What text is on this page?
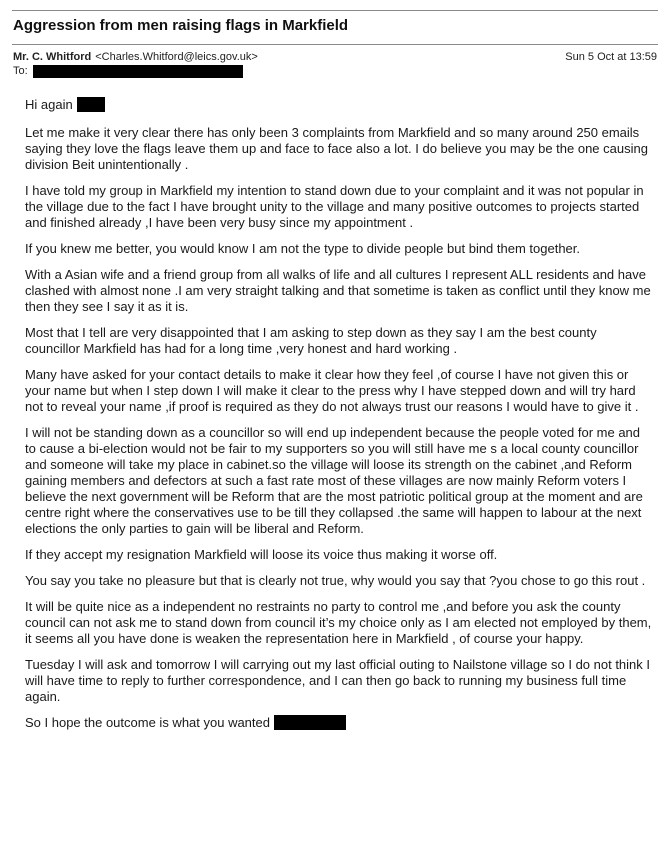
Aggression from men raising flags in Markfield
Mr. C. Whitford <Charles.Whitford@leics.gov.uk>	Sun 5 Oct at 13:59
To:

Hi again

Let me make it very clear there has only been 3 complaints from Markfield and so many around 250 emails saying they love the flags leave them up and face to face also a lot. I do believe you may be the one causing division Beit unintentionally .

I have told my group in Markfield my intention to stand down due to your complaint and it was not popular in the village due to the fact I have brought unity to the village and many positive outcomes to projects started and finished already ,I have been very busy since my appointment .

If you knew me better, you would know I am not the type to divide people but bind them together.

With a Asian wife and a friend group from all walks of life and all cultures I represent ALL residents and have clashed with almost none .I am very straight talking and that sometime is taken as conflict until they know me then they see I say it as it is.

Most that I tell are very disappointed that I am asking to step down as they say I am the best county councillor Markfield has had for a long time ,very honest and hard working .

Many have asked for your contact details to make it clear how they feel ,of course I have not given this or your name but when I step down I will make it clear to the press why I have stepped down and will try hard not to reveal your name ,if proof is required as they do not always trust our reasons I would have to give it .

I will not be standing down as a councillor so will end up independent because the people voted for me and to cause a bi-election would not be fair to my supporters so you will still have me s a local county councillor and someone will take my place in cabinet.so the village will loose its strength on the cabinet ,and Reform gaining members and defectors at such a fast rate most of these villages are now mainly Reform voters I believe the next government will be Reform that are the most patriotic political group at the moment and are centre right where the conservatives use to be till they collapsed .the same will happen to labour at the next elections the only parties to gain will be liberal and Reform.

If they accept my resignation Markfield will loose its voice thus making it worse off.

You say you take no pleasure but that is clearly not true, why would you say that ?you chose to go this rout .

It will be quite nice as a independent no restraints no party to control me ,and before you ask the county council can not ask me to stand down from council it’s my choice only as I am elected not employed by them, it seems all you have done is weaken the representation here in Markfield , of course your happy.

Tuesday I will ask and tomorrow I will carrying out my last official outing to Nailstone village so I do not think I will have time to reply to further correspondence, and I can then go back to running my business full time again.

So I hope the outcome is what you wanted
